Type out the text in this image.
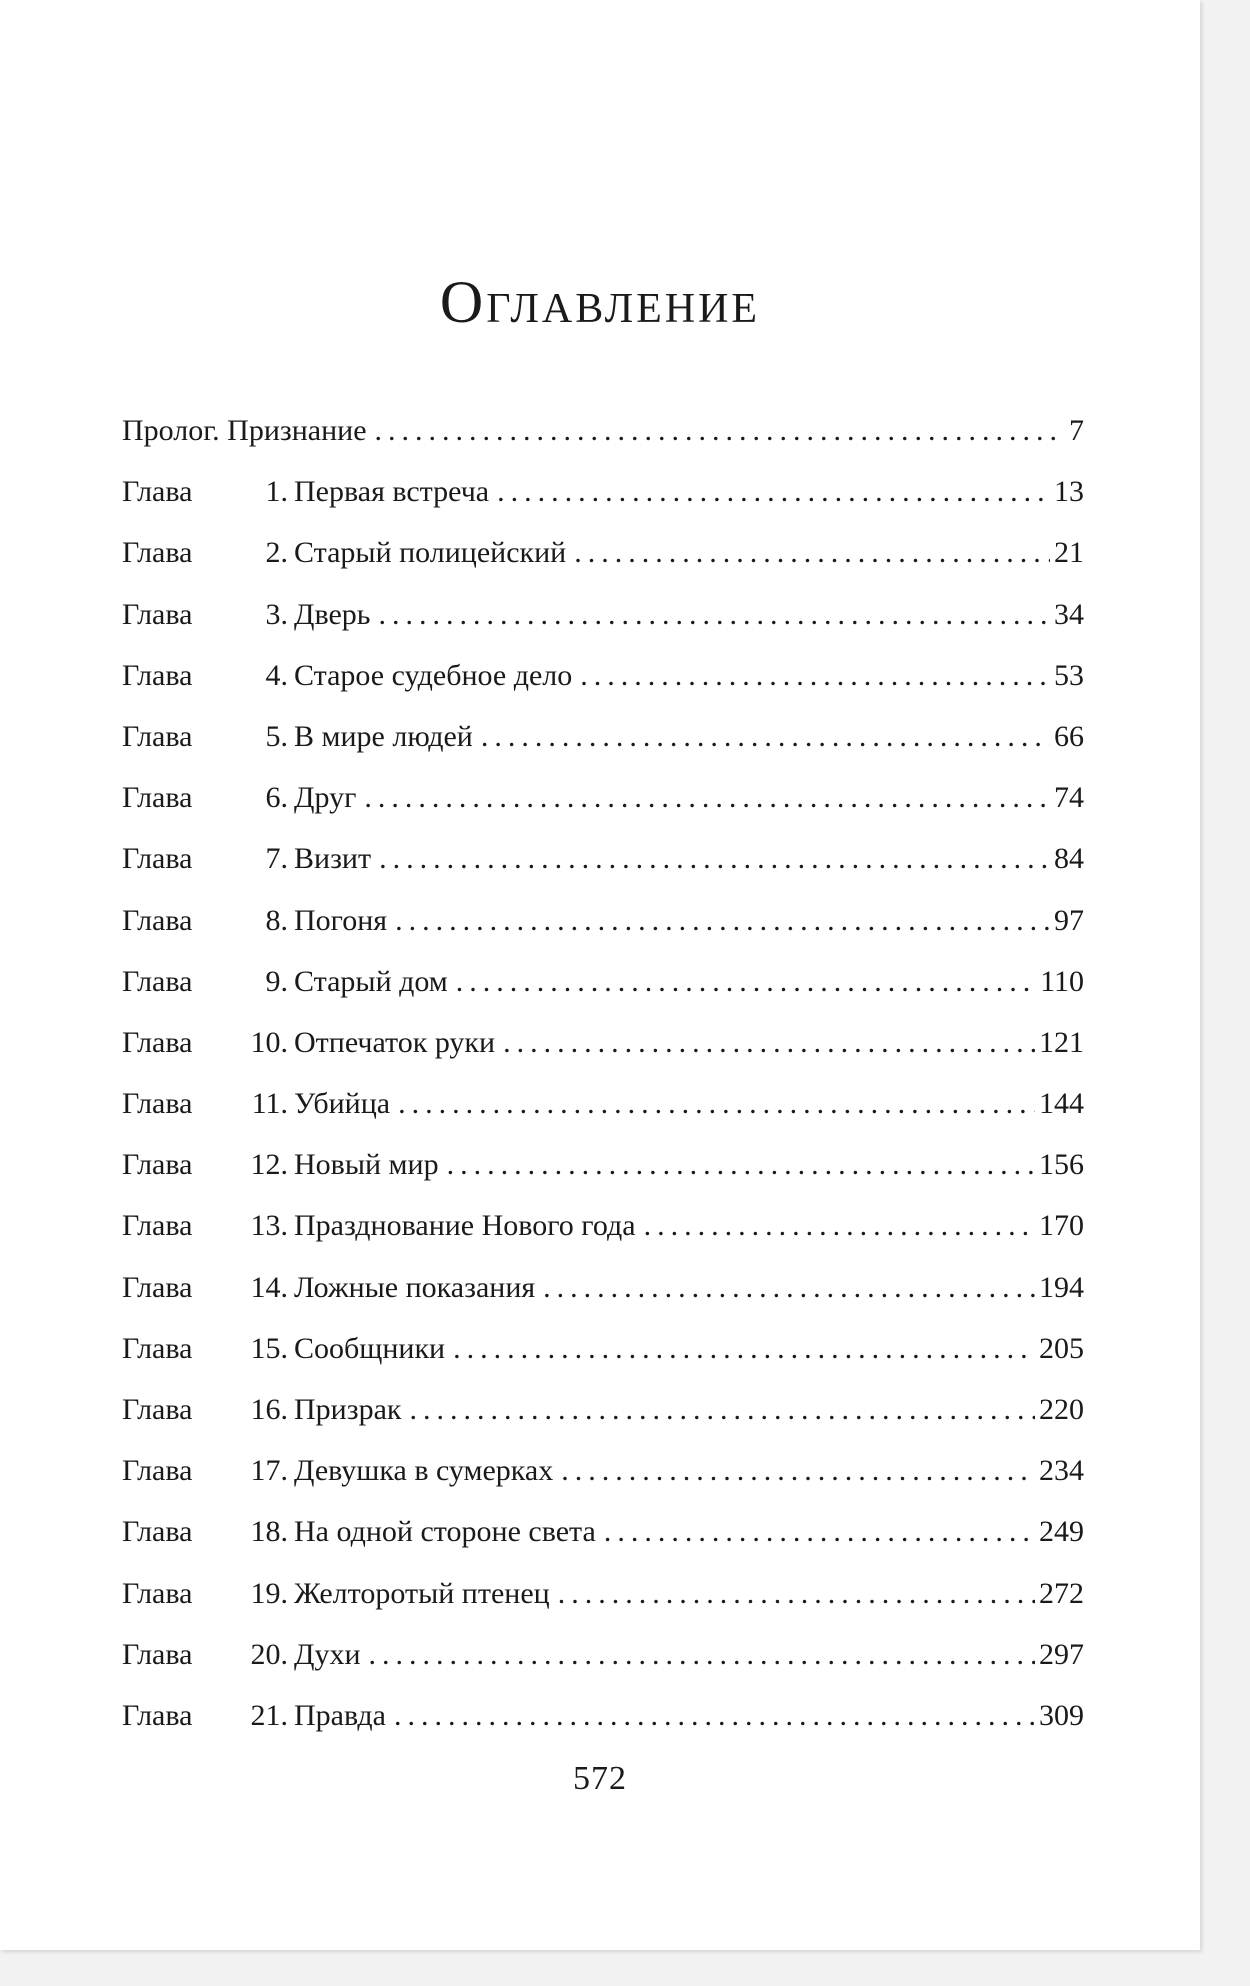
Оглавление
Пролог. Признание .....	7
Глава	1. Первая встреча .....	13
Глава	2. Старый полицейский .....	21
Глава	3. Дверь .....	34
Глава	4. Старое судебное дело .....	53
Глава	5. В мире людей .....	66
Глава	6. Друг .....	74
Глава	7. Визит .....	84
Глава	8. Погоня .....	97
Глава	9. Старый дом .....	110
Глава	10. Отпечаток руки .....	121
Глава	11. Убийца .....	144
Глава	12. Новый мир .....	156
Глава	13. Празднование Нового года .....	170
Глава	14. Ложные показания .....	194
Глава	15. Сообщники .....	205
Глава	16. Призрак .....	220
Глава	17. Девушка в сумерках .....	234
Глава	18. На одной стороне света .....	249
Глава	19. Желторотый птенец .....	272
Глава	20. Духи .....	297
Глава	21. Правда .....	309
572
